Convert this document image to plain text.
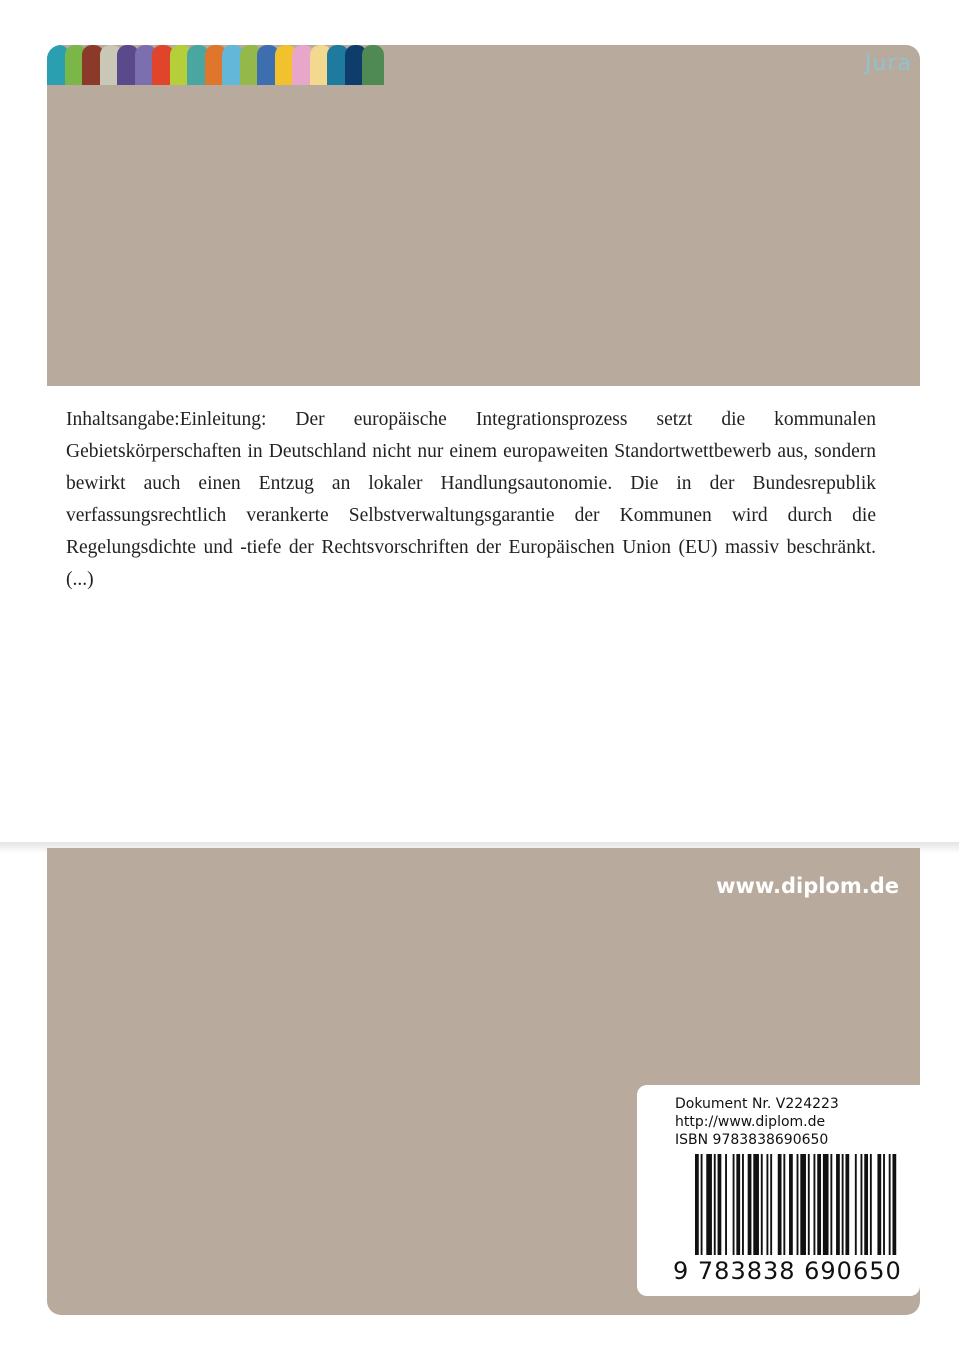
Jura

Inhaltsangabe:Einleitung: Der europäische Integrationsprozess setzt die kommunalen Gebietskörperschaften in Deutschland nicht nur einem europaweiten Standortwettbewerb aus, sondern bewirkt auch einen Entzug an lokaler Handlungsautonomie. Die in der Bundesrepublik verfassungsrechtlich verankerte Selbstverwaltungsgarantie der Kommunen wird durch die Regelungsdichte und -tiefe der Rechtsvorschriften der Europäischen Union (EU) massiv beschränkt. (...)

www.diplom.de
Dokument Nr. V224223
http://www.diplom.de
ISBN 9783838690650
9 783838 690650
